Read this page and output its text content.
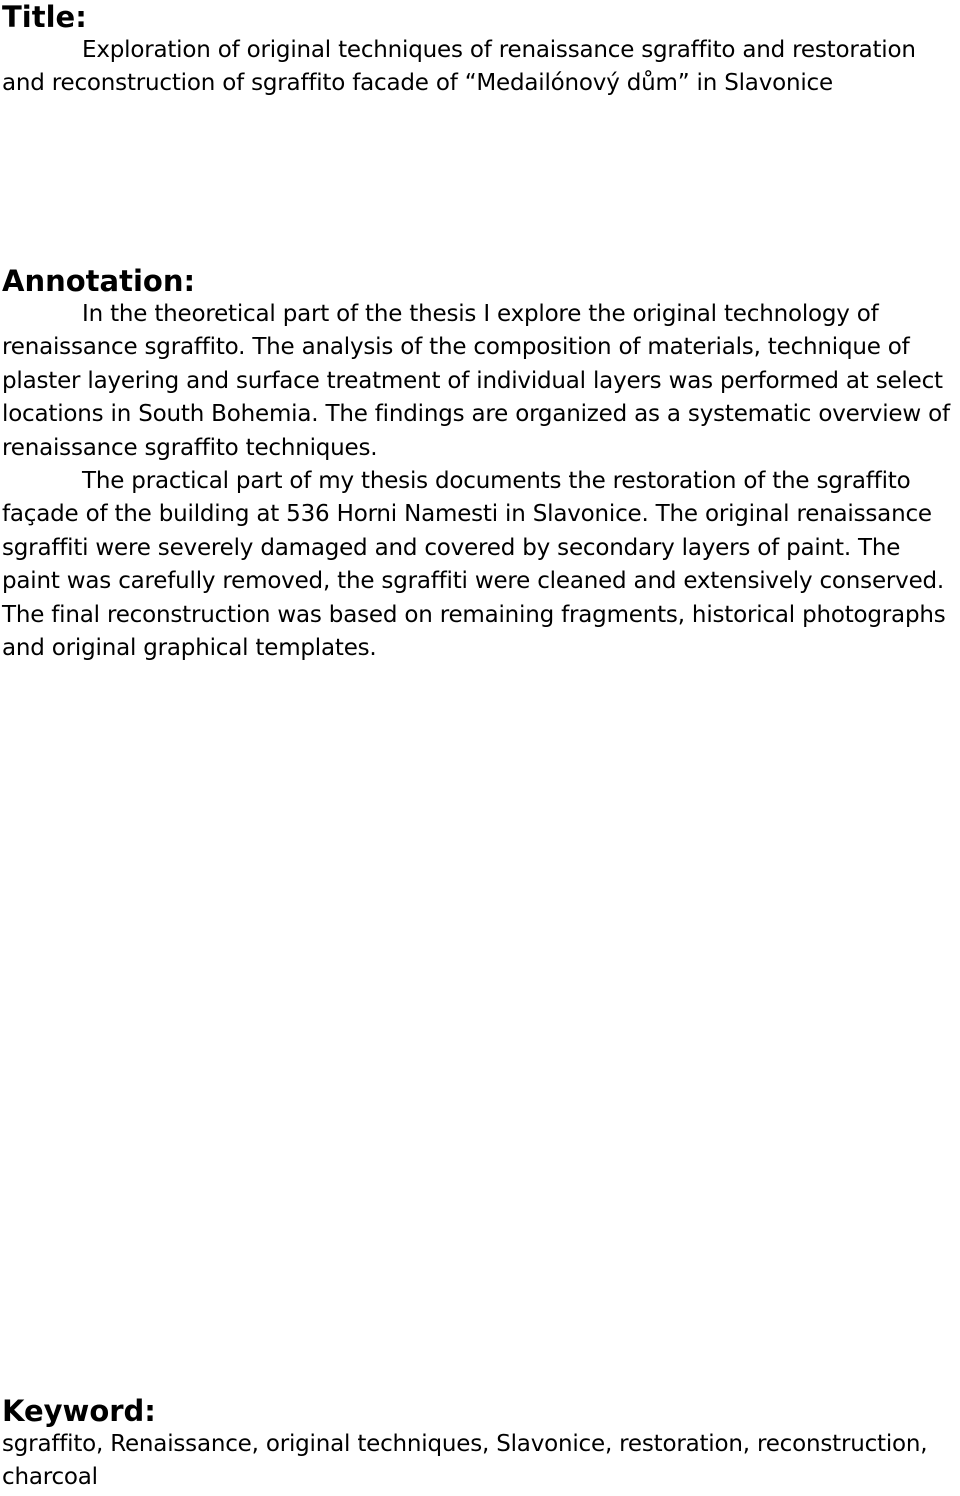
Title:

Exploration of original techniques of renaissance sgraffito and restoration and reconstruction of sgraffito facade of “Medailónový dům” in Slavonice

Annotation:
In the theoretical part of the thesis I explore the original technology of renaissance sgraffito. The analysis of the composition of materials, technique of plaster layering and surface treatment of individual layers was performed at select locations in South Bohemia. The findings are organized as a systematic overview of renaissance sgraffito techniques.
The practical part of my thesis documents the restoration of the sgraffito façade of the building at 536 Horni Namesti in Slavonice. The original renaissance sgraffiti were severely damaged and covered by secondary layers of paint. The paint was carefully removed, the sgraffiti were cleaned and extensively conserved. The final reconstruction was based on remaining fragments, historical photographs and original graphical templates.
Keyword:

sgraffito, Renaissance, original techniques, Slavonice, restoration, reconstruction, charcoal
